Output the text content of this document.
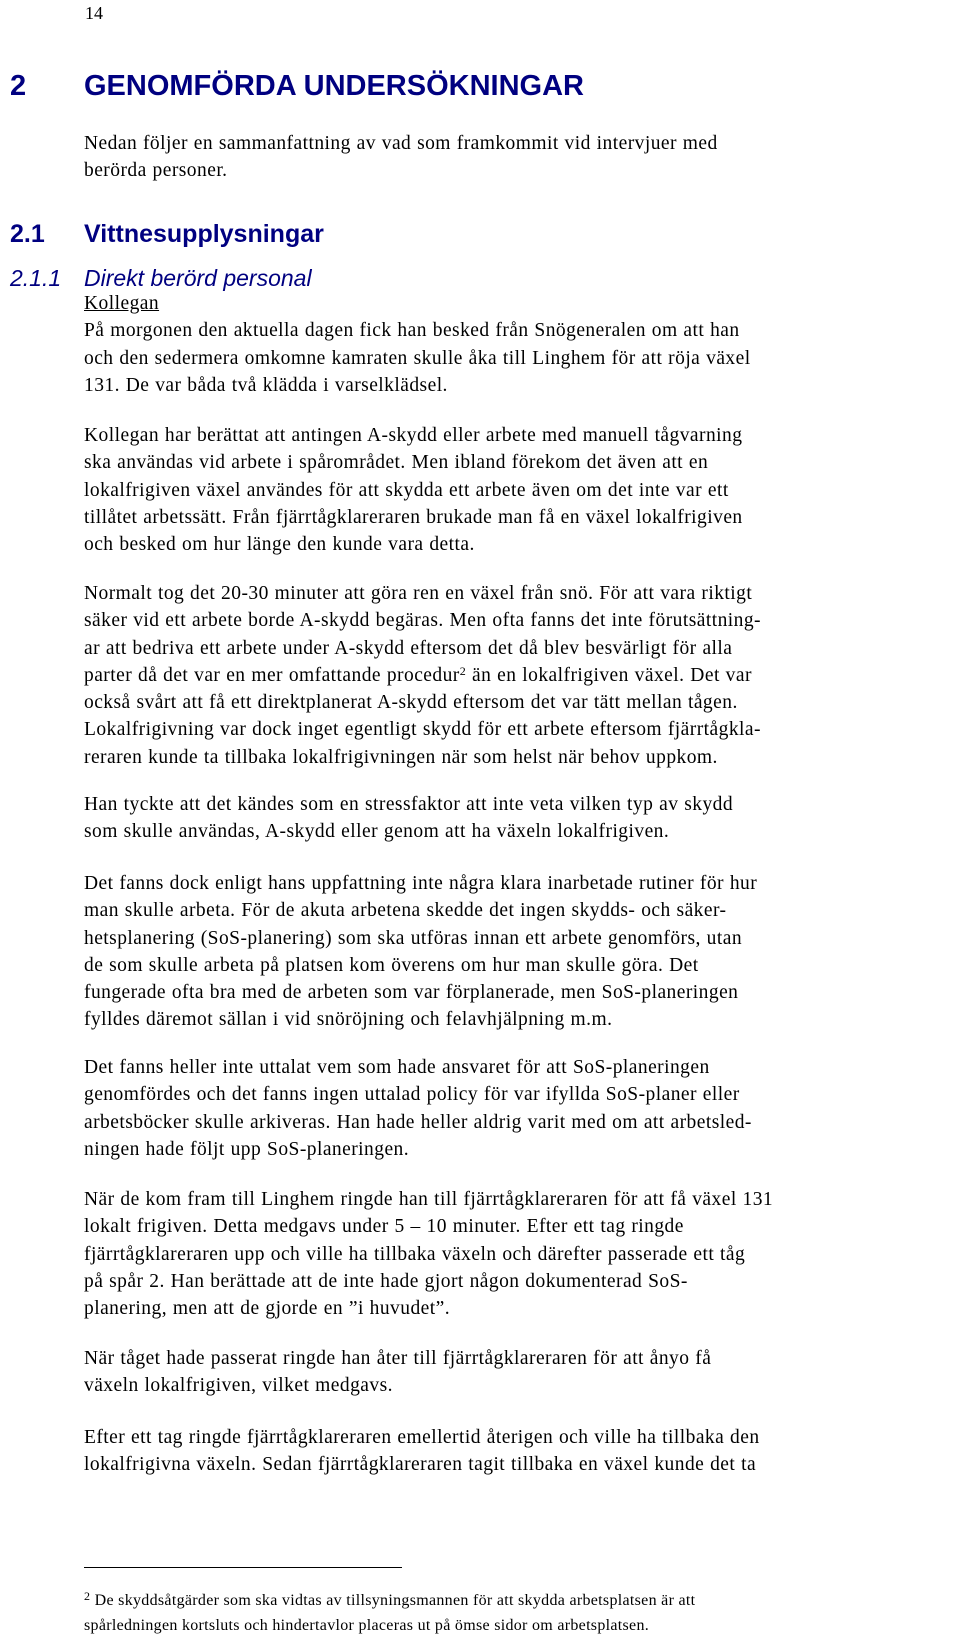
14
2 GENOMFÖRDA UNDERSÖKNINGAR
Nedan följer en sammanfattning av vad som framkommit vid intervjuer med
berörda personer.
2.1 Vittnesupplysningar
2.1.1 Direkt berörd personal
Kollegan
På morgonen den aktuella dagen fick han besked från Snögeneralen om att han
och den sedermera omkomne kamraten skulle åka till Linghem för att röja växel
131. De var båda två klädda i varselklädsel.
Kollegan har berättat att antingen A-skydd eller arbete med manuell tågvarning
ska användas vid arbete i spårområdet. Men ibland förekom det även att en
lokalfrigiven växel användes för att skydda ett arbete även om det inte var ett
tillåtet arbetssätt. Från fjärrtågklareraren brukade man få en växel lokalfrigiven
och besked om hur länge den kunde vara detta.
Normalt tog det 20-30 minuter att göra ren en växel från snö. För att vara riktigt
säker vid ett arbete borde A-skydd begäras. Men ofta fanns det inte förutsättning-
ar att bedriva ett arbete under A-skydd eftersom det då blev besvärligt för alla
parter då det var en mer omfattande procedur$^2$ än en lokalfrigiven växel. Det var
också svårt att få ett direktplanerat A-skydd eftersom det var tätt mellan tågen.
Lokalfrigivning var dock inget egentligt skydd för ett arbete eftersom fjärrtågkla-
reraren kunde ta tillbaka lokalfrigivningen när som helst när behov uppkom.
Han tyckte att det kändes som en stressfaktor att inte veta vilken typ av skydd
som skulle användas, A-skydd eller genom att ha växeln lokalfrigiven.
Det fanns dock enligt hans uppfattning inte några klara inarbetade rutiner för hur
man skulle arbeta. För de akuta arbetena skedde det ingen skydds- och säker-
hetsplanering (SoS-planering) som ska utföras innan ett arbete genomförs, utan
de som skulle arbeta på platsen kom överens om hur man skulle göra. Det
fungerade ofta bra med de arbeten som var förplanerade, men SoS-planeringen
fylldes däremot sällan i vid snöröjning och felavhjälpning m.m.
Det fanns heller inte uttalat vem som hade ansvaret för att SoS-planeringen
genomfördes och det fanns ingen uttalad policy för var ifyllda SoS-planer eller
arbetsböcker skulle arkiveras. Han hade heller aldrig varit med om att arbetsled-
ningen hade följt upp SoS-planeringen.
När de kom fram till Linghem ringde han till fjärrtågklareraren för att få växel 131
lokalt frigiven. Detta medgavs under 5 – 10 minuter. Efter ett tag ringde
fjärrtågklareraren upp och ville ha tillbaka växeln och därefter passerade ett tåg
på spår 2. Han berättade att de inte hade gjort någon dokumenterad SoS-
planering, men att de gjorde en ”i huvudet”.
När tåget hade passerat ringde han åter till fjärrtågklareraren för att ånyo få
växeln lokalfrigiven, vilket medgavs.
Efter ett tag ringde fjärrtågklareraren emellertid återigen och ville ha tillbaka den
lokalfrigivna växeln. Sedan fjärrtågklareraren tagit tillbaka en växel kunde det ta
$^2$ De skyddsåtgärder som ska vidtas av tillsyningsmannen för att skydda arbetsplatsen är att
spårledningen kortsluts och hindertavlor placeras ut på ömse sidor om arbetsplatsen.
